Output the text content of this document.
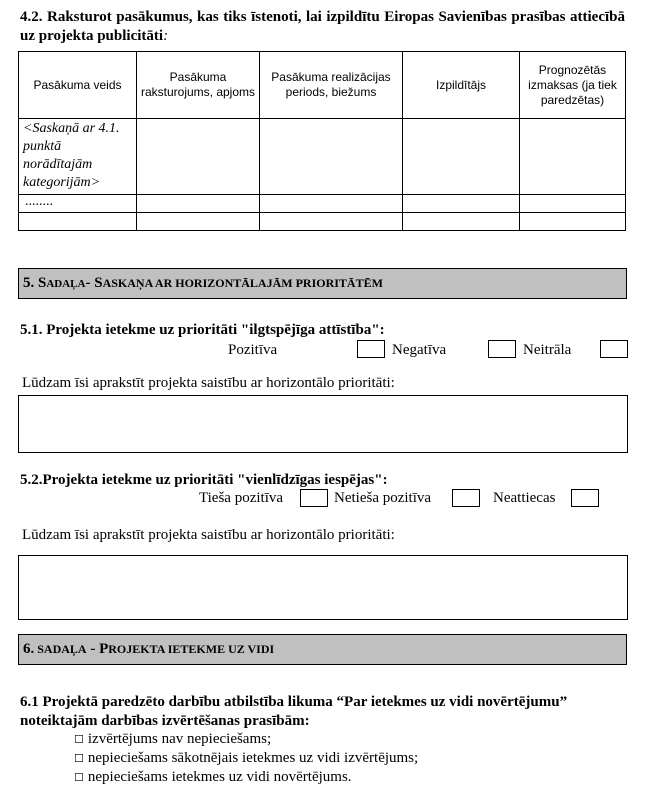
4.2. Raksturot pasākumus, kas tiks īstenoti, lai izpildītu Eiropas Savienības prasības attiecībā uz projekta publicitāti:
Pasākuma veids	Pasākuma raksturojums, apjoms	Pasākuma realizācijas periods, biežums	Izpildītājs	Prognozētās izmaksas (ja tiek paredzētas)
<Saskaņā ar 4.1. punktā norādītajām kategorijām>				
........				

5. Sadaļa- SASKAŅA AR HORIZONTĀLAJĀM PRIORITĀTĒM
5.1. Projekta ietekme uz prioritāti "ilgtspējīga attīstība":
Pozitīva	Negatīva	Neitrāla
Lūdzam īsi aprakstīt projekta saistību ar horizontālo prioritāti:
5.2.Projekta ietekme uz prioritāti "vienlīdzīgas iespējas":
Tieša pozitīva	Netieša pozitīva	Neattiecas
Lūdzam īsi aprakstīt projekta saistību ar horizontālo prioritāti:
6. SADAĻA - PROJEKTA IETEKME UZ VIDI
6.1 Projektā paredzēto darbību atbilstība likuma “Par ietekmes uz vidi novērtējumu” noteiktajām darbības izvērtēšanas prasībām:
☐ izvērtējums nav nepieciešams;
☐ nepieciešams sākotnējais ietekmes uz vidi izvērtējums;
☐ nepieciešams ietekmes uz vidi novērtējums.
